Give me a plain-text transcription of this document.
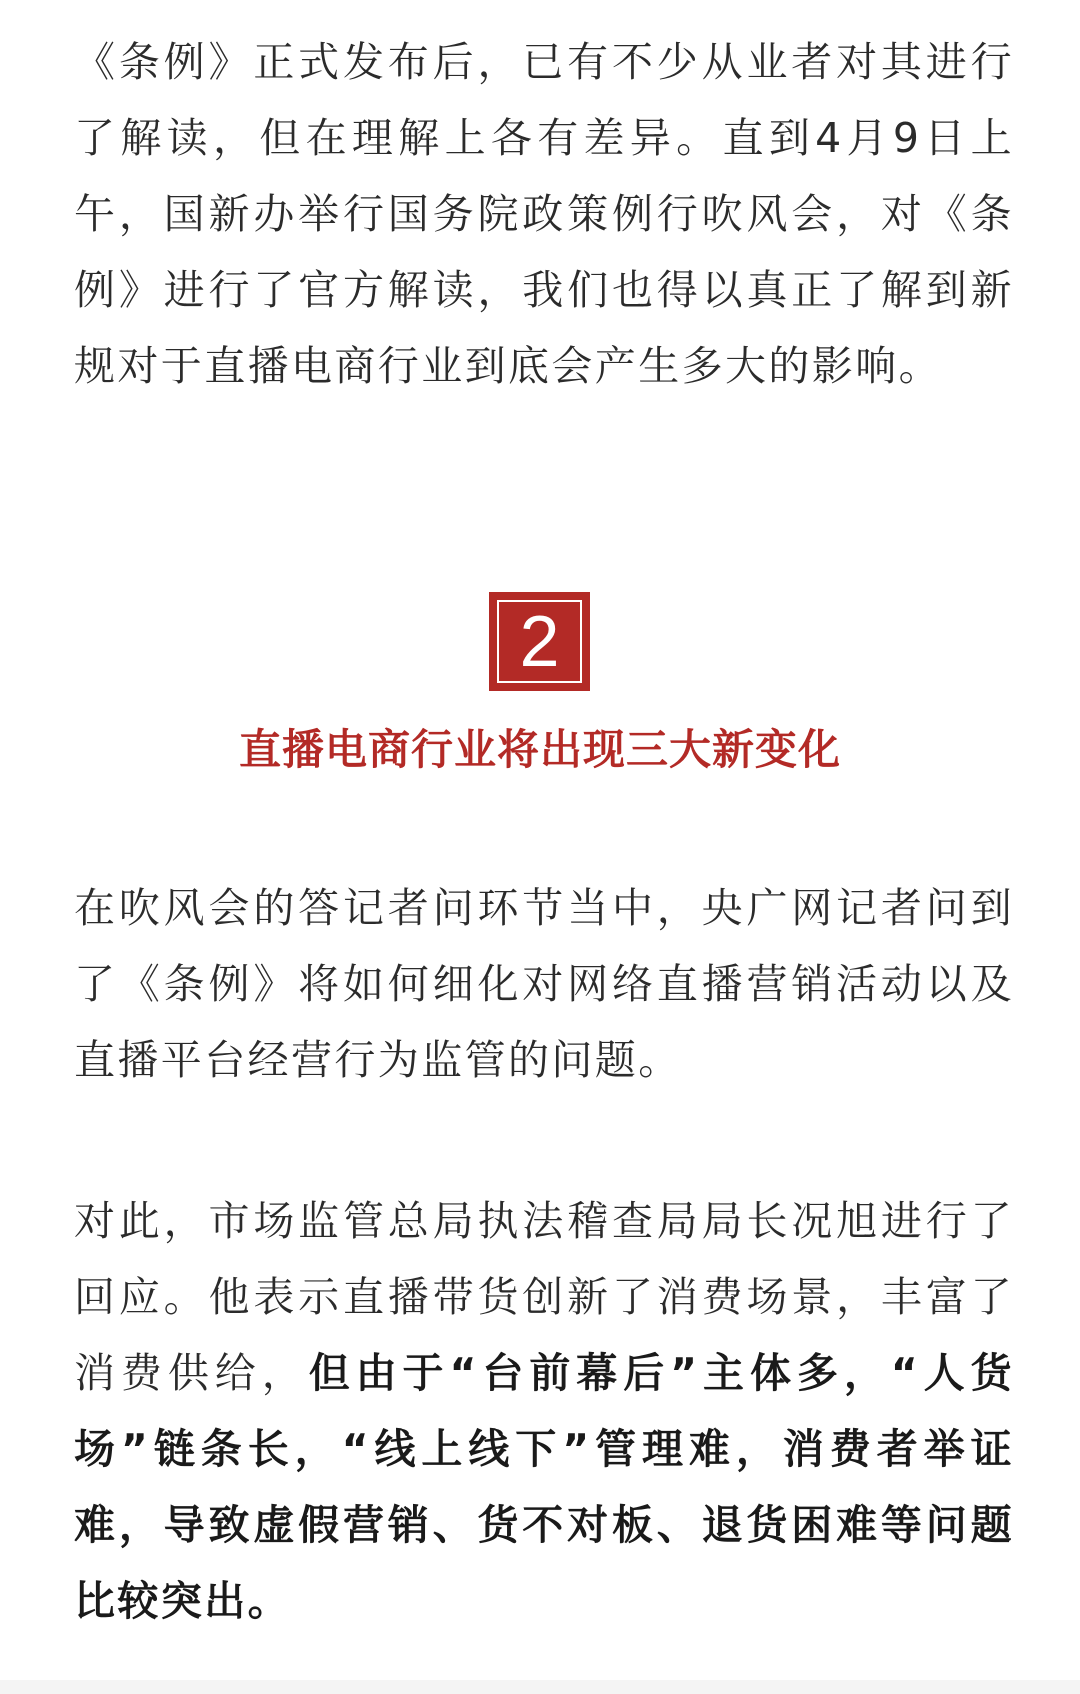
《条例》正式发布后，已有不少从业者对其进行了解读，但在理解上各有差异。直到4月9日上午，国新办举行国务院政策例行吹风会，对《条例》进行了官方解读，我们也得以真正了解到新规对于直播电商行业到底会产生多大的影响。

2
直播电商行业将出现三大新变化

在吹风会的答记者问环节当中，央广网记者问到了《条例》将如何细化对网络直播营销活动以及直播平台经营行为监管的问题。

对此，市场监管总局执法稽查局局长况旭进行了回应。他表示直播带货创新了消费场景，丰富了消费供给，但由于“台前幕后”主体多，“人货场”链条长，“线上线下”管理难，消费者举证难，导致虚假营销、货不对板、退货困难等问题比较突出。
